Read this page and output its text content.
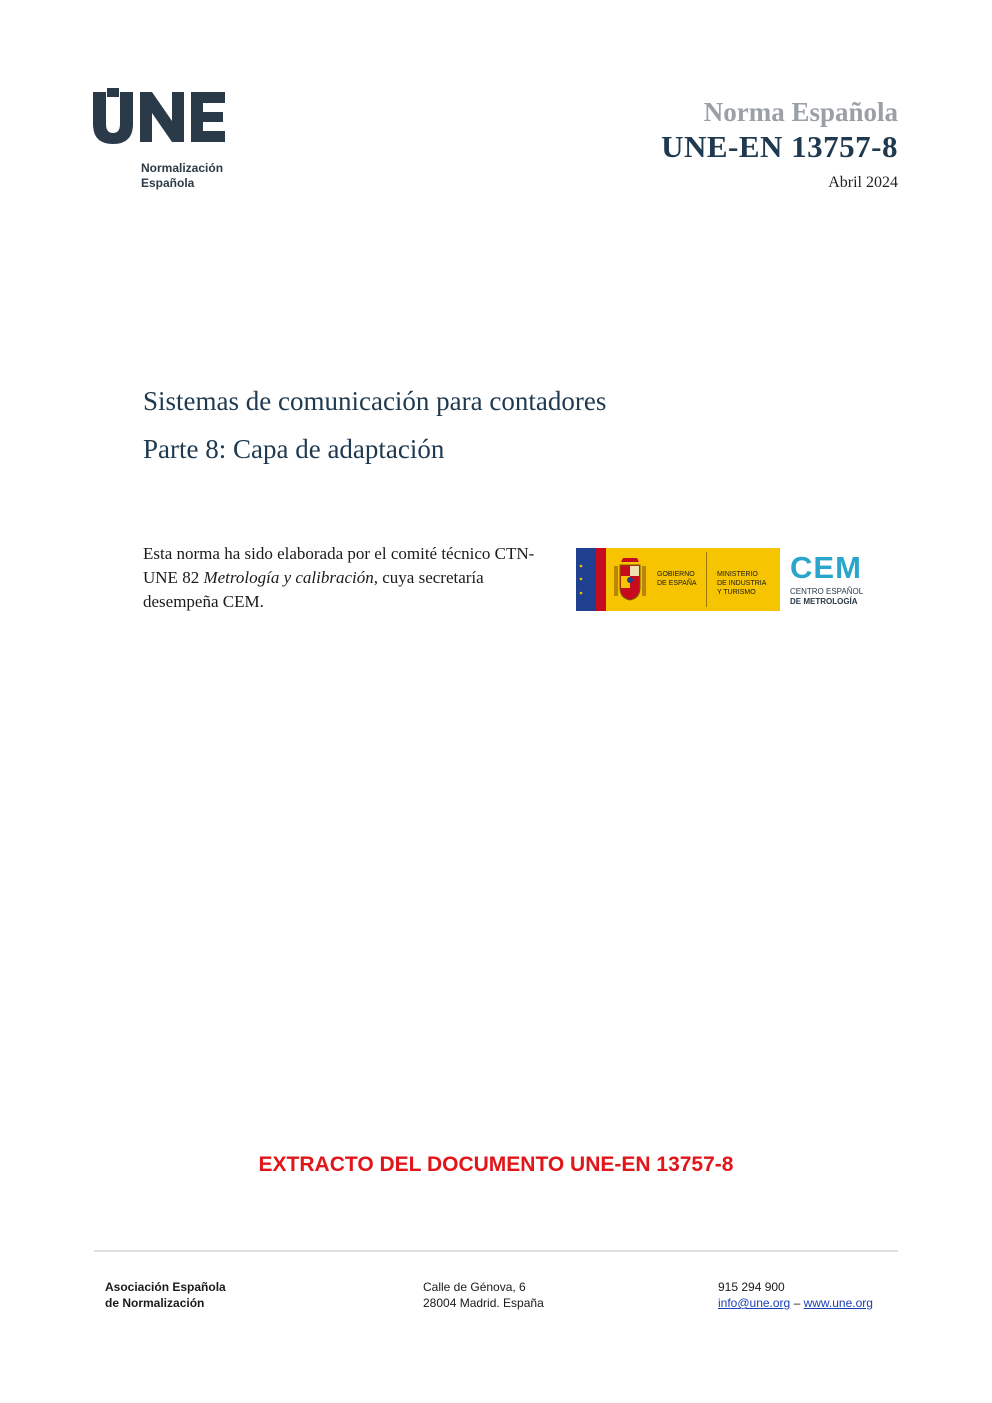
Normalización
Española
Norma Española
UNE-EN 13757-8
Abril 2024
Sistemas de comunicación para contadores
Parte 8: Capa de adaptación
Esta norma ha sido elaborada por el comité técnico CTN-UNE 82 Metrología y calibración, cuya secretaría desempeña CEM.
GOBIERNO
DE ESPAÑA
MINISTERIO
DE INDUSTRIA
Y TURISMO
CEM
CENTRO ESPAÑOL
DE METROLOGÍA
EXTRACTO DEL DOCUMENTO UNE-EN 13757-8
Asociación Española
de Normalización
Calle de Génova, 6
28004 Madrid. España
915 294 900
info@une.org – www.une.org
